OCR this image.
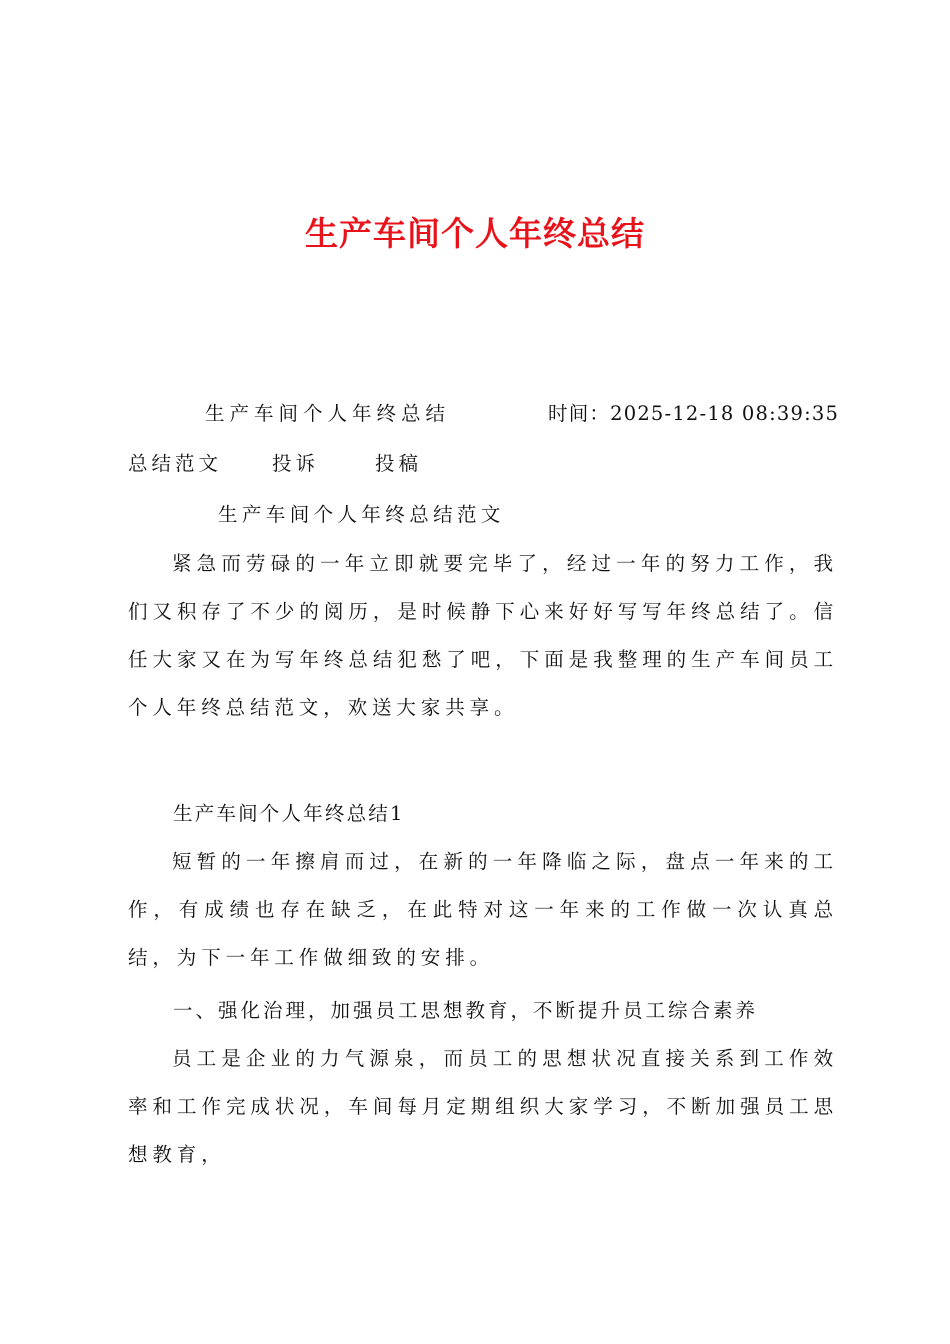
生产车间个人年终总结
生产车间个人年终总结	时间：2025-12-18 08:39:35
总结范文	投诉	投稿
生产车间个人年终总结范文

紧急而劳碌的一年立即就要完毕了，经过一年的努力工作，我们又积存了不少的阅历，是时候静下心来好好写写年终总结了。信任大家又在为写年终总结犯愁了吧，下面是我整理的生产车间员工个人年终总结范文，欢送大家共享。

生产车间个人年终总结1

短暂的一年擦肩而过，在新的一年降临之际，盘点一年来的工作，有成绩也存在缺乏，在此特对这一年来的工作做一次认真总结，为下一年工作做细致的安排。

一、强化治理，加强员工思想教育，不断提升员工综合素养

员工是企业的力气源泉，而员工的思想状况直接关系到工作效率和工作完成状况，车间每月定期组织大家学习，不断加强员工思想教育，
